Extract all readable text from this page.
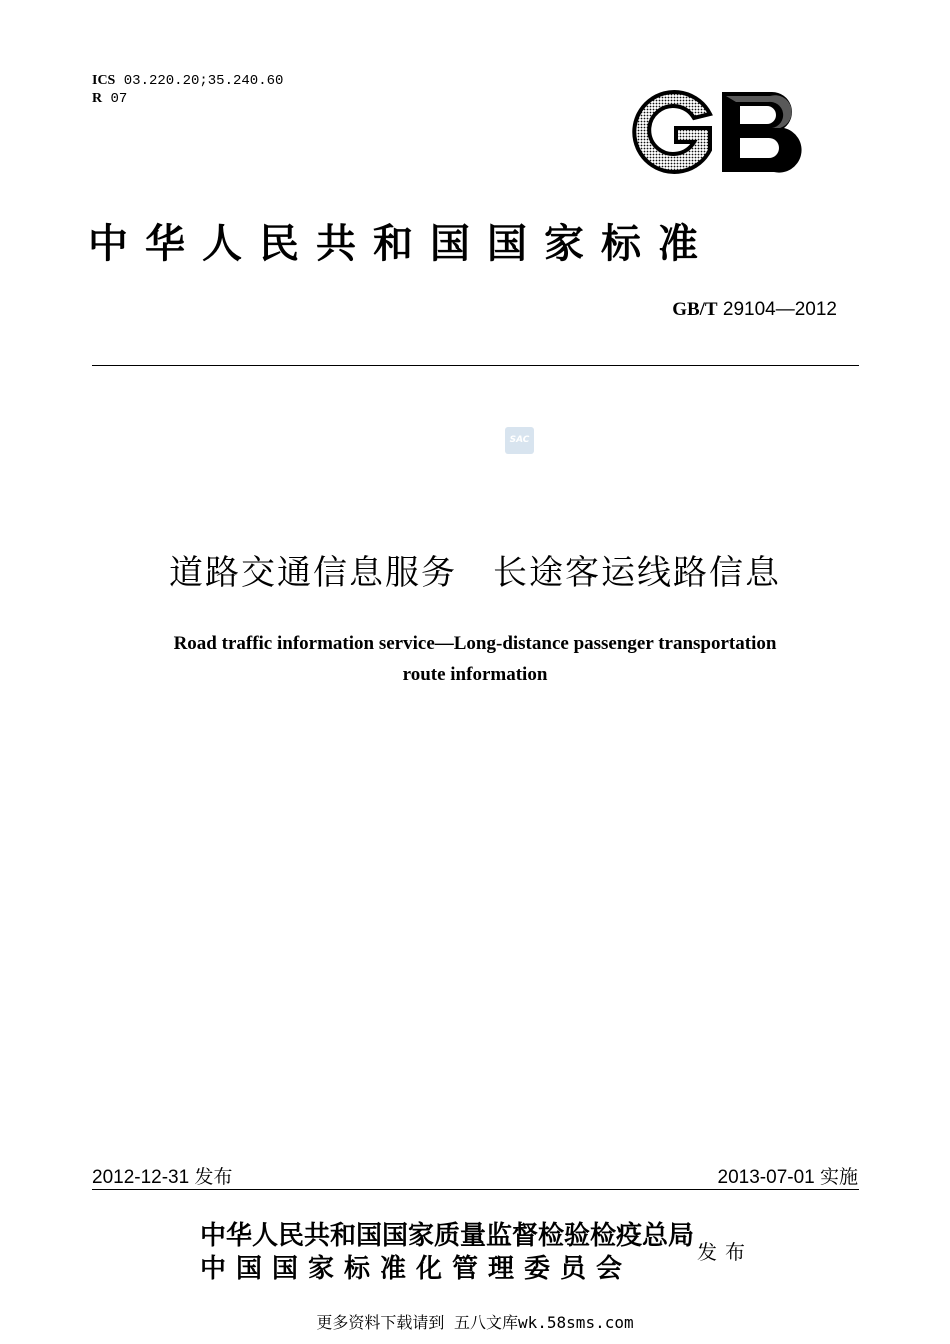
ICS 03.220.20;35.240.60
R 07
中华人民共和国国家标准
GB/T 29104—2012
SAC
道路交通信息服务　长途客运线路信息
Road traffic information service—Long-distance passenger transportation
route information
2012-12-31 发布	2013-07-01 实施
中华人民共和国国家质量监督检验检疫总局
中国国家标准化管理委员会
发布
更多资料下载请到 五八文库wk.58sms.com
